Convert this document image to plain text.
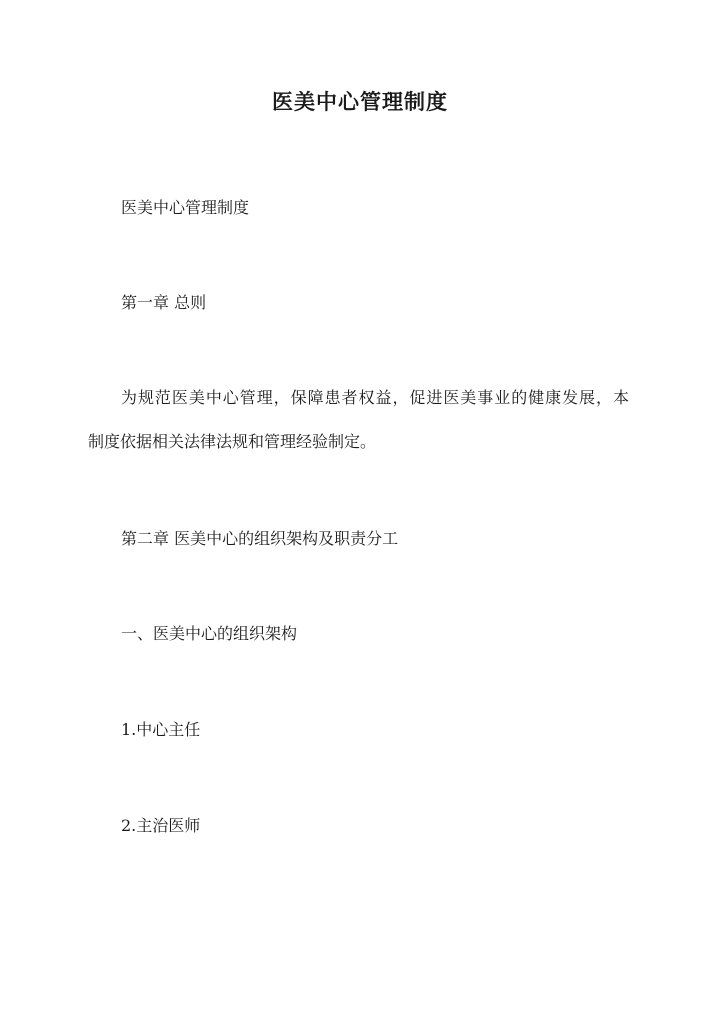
医美中心管理制度
医美中心管理制度
第一章 总则
为规范医美中心管理，保障患者权益，促进医美事业的健康发展，本
制度依据相关法律法规和管理经验制定。
第二章 医美中心的组织架构及职责分工
一、医美中心的组织架构
1.中心主任
2.主治医师
